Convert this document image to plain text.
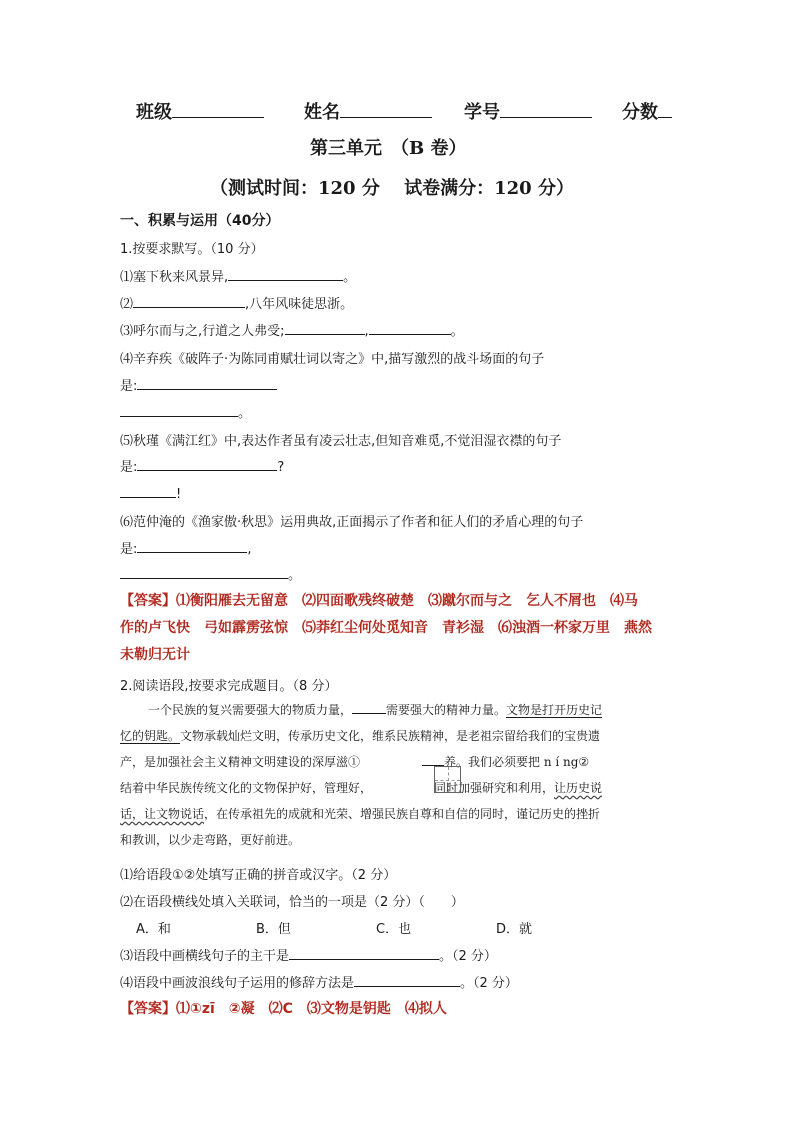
班级	姓名	学号	分数
第三单元　（B 卷）
（测试时间：120 分　 试卷满分：120 分）
一、积累与运用（40分）
1.按要求默写。（10 分）
⑴塞下秋来风景异,	。
⑵	,八年风味徒思浙。
⑶呼尔而与之,行道之人弗受;	,	。
⑷辛弃疾《破阵子·为陈同甫赋壮词以寄之》中,描写激烈的战斗场面的句子
是:
。
⑸秋瑾《满江红》中,表达作者虽有凌云壮志,但知音难觅,不觉泪湿衣襟的句子
是:	?
!
⑹范仲淹的《渔家傲·秋思》运用典故,正面揭示了作者和征人们的矛盾心理的句子
是:	,
。
【答案】⑴衡阳雁去无留意　⑵四面歌残终破楚　⑶蹴尔而与之　乞人不屑也　⑷马
作的卢飞快　弓如霹雳弦惊　⑸莽红尘何处觅知音　青衫湿　⑹浊酒一杯家万里　燕然
未勒归无计
2.阅读语段,按要求完成题目。（8 分）
一个民族的复兴需要强大的物质力量，	需要强大的精神力量。文物是打开历史记
忆的钥匙。文物承载灿烂文明，传承历史文化，维系民族精神，是老祖宗留给我们的宝贵遗
产，是加强社会主义精神文明建设的深厚滋①	养。我们必须要把 n í ng②
结着中华民族传统文化的文物保护好，管理好，	同时加强研究和利用，让历史说
话，让文物说话，在传承祖先的成就和光荣、增强民族自尊和自信的同时，谨记历史的挫折
和教训，以少走弯路，更好前进。
⑴给语段①②处填写正确的拼音或汉字。（2 分）
⑵在语段横线处填入关联词，恰当的一项是（2 分）（　　）
A．和	B．但	C．也	D．就
⑶语段中画横线句子的主干是	。（2 分）
⑷语段中画波浪线句子运用的修辞方法是	。（2 分）
【答案】⑴①zī　②凝　⑵C　⑶文物是钥匙　⑷拟人
